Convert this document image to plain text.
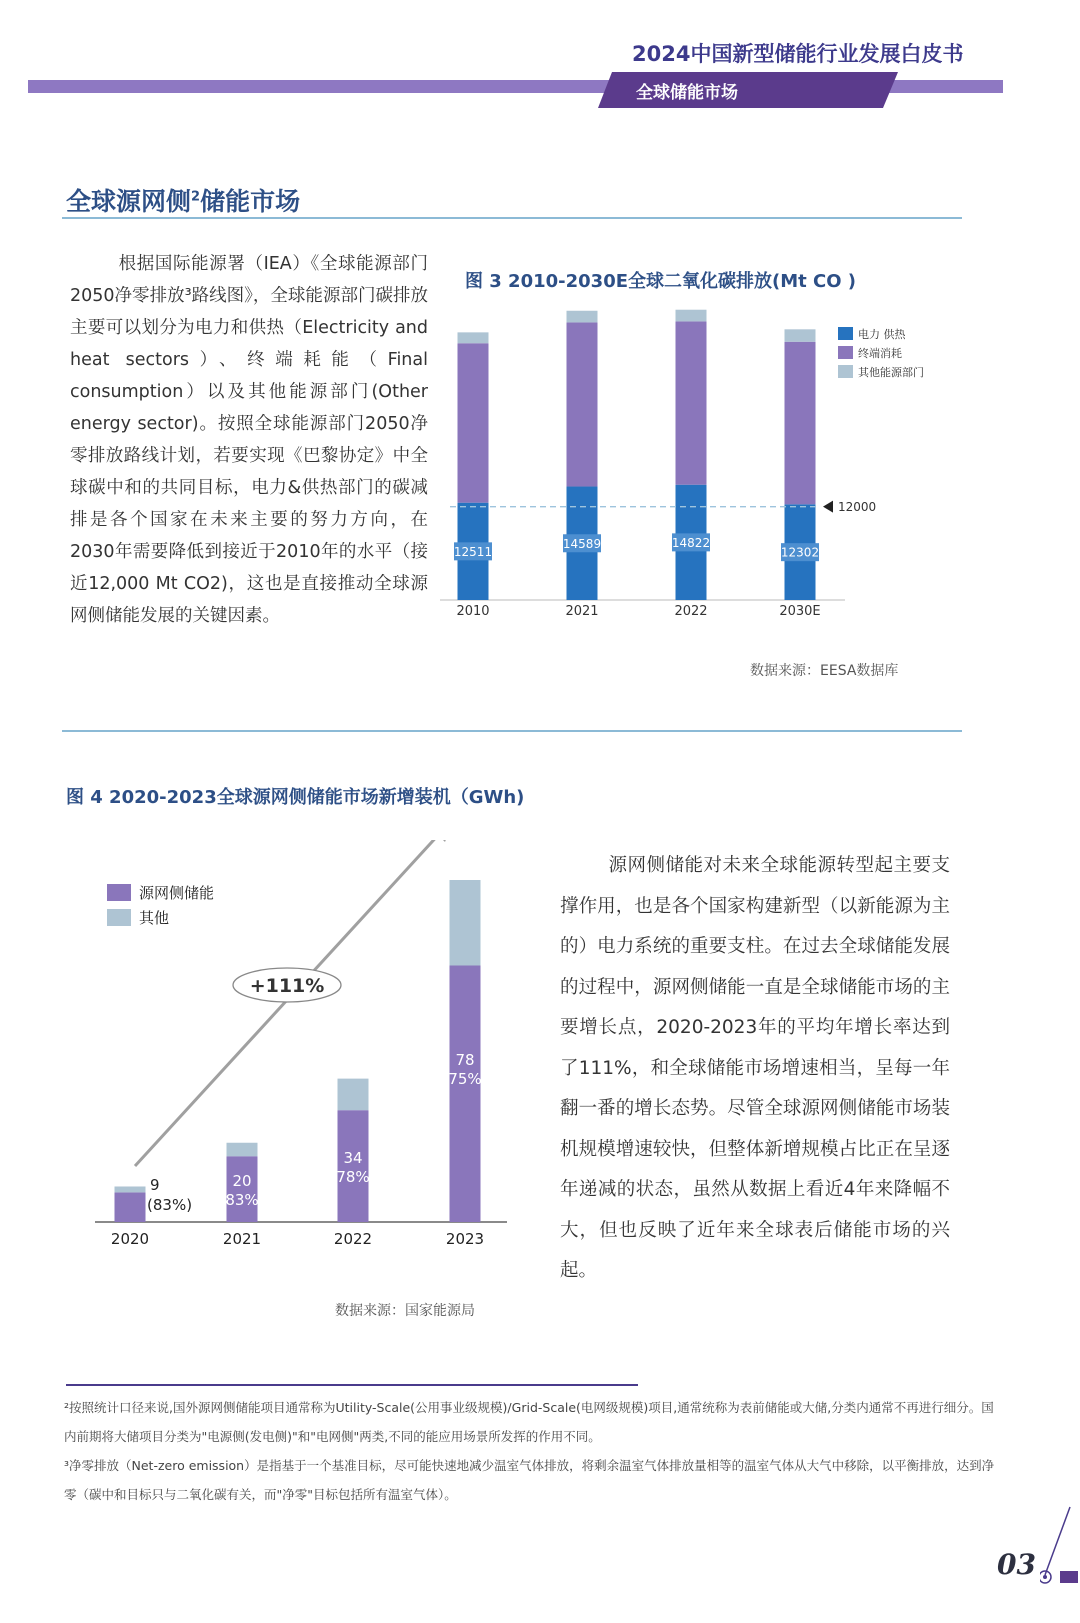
2024中国新型储能行业发展白皮书
全球储能市场
全球源网侧$^2$储能市场
根据国际能源署（IEA）《全球能源部门2050净零排放³路线图》，全球能源部门碳排放主要可以划分为电力和供热（Electricity and heat sectors）、终端耗能（Final consumption）以及其他能源部门(Other energy sector)。按照全球能源部门2050净零排放路线计划，若要实现《巴黎协定》中全球碳中和的共同目标，电力&供热部门的碳减排是各个国家在未来主要的努力方向，在2030年需要降低到接近于2010年的水平（接近12,000 Mt CO2)，这也是直接推动全球源网侧储能发展的关键因素。
图 3 2010-2030E全球二氧化碳排放(Mt CO )
12511
2010
14589
2021
14822
2022
12302
2030E
12000
电力 供热
终端消耗
其他能源部门
数据来源：EESA数据库
图 4 2020-2023全球源网侧储能市场新增装机（GWh)
9
(83%)
2020
20
83%
2021
34
78%
2022
78
75%
2023
+111%
源网侧储能
其他
数据来源：国家能源局
源网侧储能对未来全球能源转型起主要支撑作用，也是各个国家构建新型（以新能源为主的）电力系统的重要支柱。在过去全球储能发展的过程中，源网侧储能一直是全球储能市场的主要增长点，2020-2023年的平均年增长率达到了111%，和全球储能市场增速相当，呈每一年翻一番的增长态势。尽管全球源网侧储能市场装机规模增速较快，但整体新增规模占比正在呈逐年递减的状态，虽然从数据上看近4年来降幅不大，但也反映了近年来全球表后储能市场的兴起。
²按照统计口径来说,国外源网侧储能项目通常称为Utility-Scale(公用事业级规模)/Grid-Scale(电网级规模)项目,通常统称为表前储能或大储,分类内通常不再进行细分。国内前期将大储项目分类为"电源侧(发电侧)"和"电网侧"两类,不同的能应用场景所发挥的作用不同。
³净零排放（Net-zero emission）是指基于一个基准目标，尽可能快速地减少温室气体排放，将剩余温室气体排放量相等的温室气体从大气中移除，以平衡排放，达到净零（碳中和目标只与二氧化碳有关，而"净零"目标包括所有温室气体）。
03
